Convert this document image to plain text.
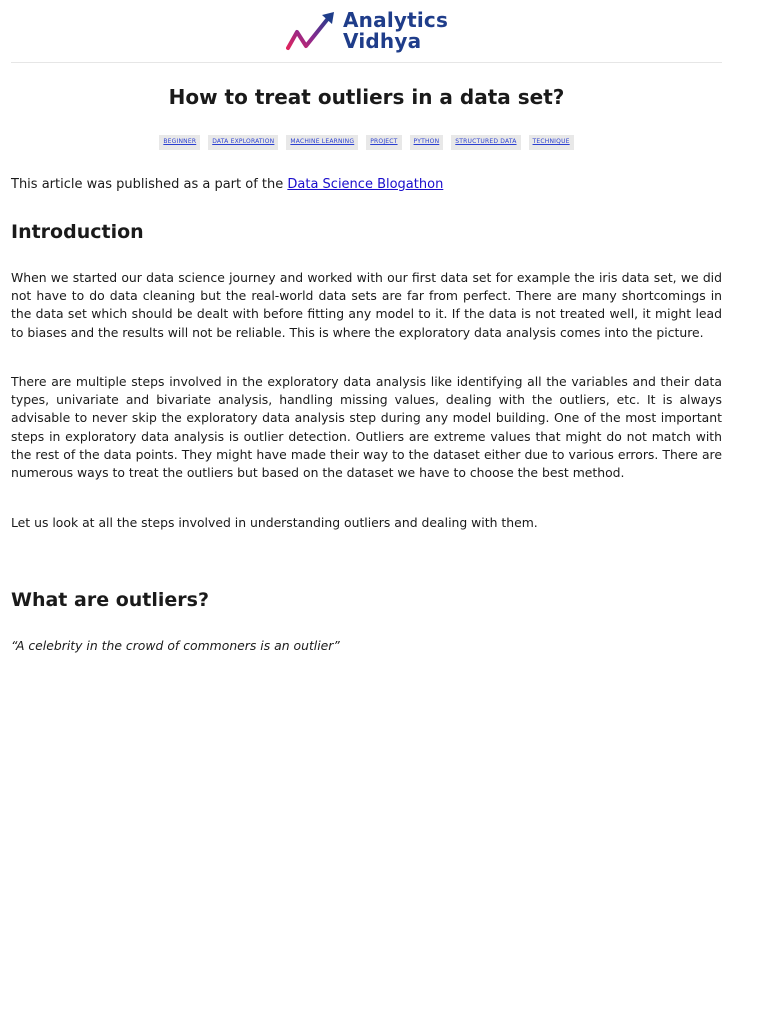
Analytics
Vidhya
How to treat outliers in a data set?
BEGINNER	DATA EXPLORATION	MACHINE LEARNING	PROJECT	PYTHON	STRUCTURED DATA	TECHNIQUE
This article was published as a part of the Data Science Blogathon
Introduction

When we started our data science journey and worked with our first data set for example the iris data set, we did not have to do data cleaning but the real-world data sets are far from perfect. There are many shortcomings in the data set which should be dealt with before fitting any model to it. If the data is not treated well, it might lead to biases and the results will not be reliable. This is where the exploratory data analysis comes into the picture.

There are multiple steps involved in the exploratory data analysis like identifying all the variables and their data types, univariate and bivariate analysis, handling missing values, dealing with the outliers, etc. It is always advisable to never skip the exploratory data analysis step during any model building. One of the most important steps in exploratory data analysis is outlier detection. Outliers are extreme values that might do not match with the rest of the data points. They might have made their way to the dataset either due to various errors. There are numerous ways to treat the outliers but based on the dataset we have to choose the best method.

Let us look at all the steps involved in understanding outliers and dealing with them.

What are outliers?

“A celebrity in the crowd of commoners is an outlier”
